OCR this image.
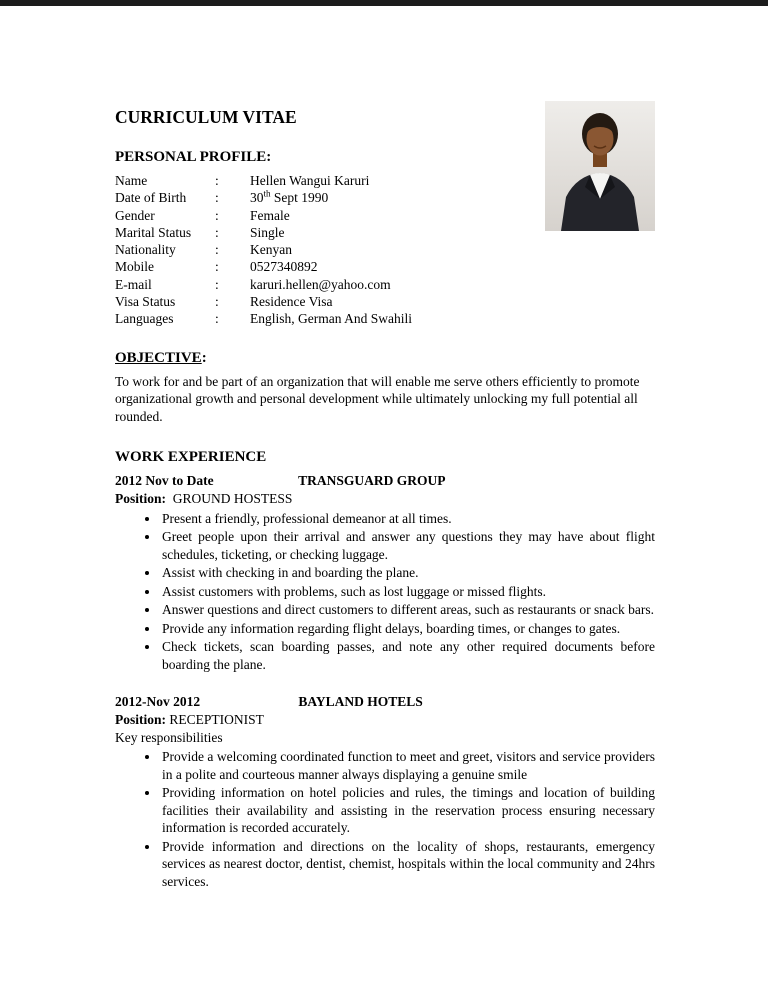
CURRICULUM VITAE
PERSONAL PROFILE:
Name	:	Hellen Wangui Karuri
Date of Birth	:	30th Sept 1990
Gender	:	Female
Marital Status	:	Single
Nationality	:	Kenyan
Mobile	:	0527340892
E-mail	:	karuri.hellen@yahoo.com
Visa Status	:	Residence Visa
Languages	:	English, German And Swahili
OBJECTIVE:

To work for and be part of an organization that will enable me serve others efficiently to promote organizational growth and personal development while ultimately unlocking my full potential all rounded.

WORK EXPERIENCE
2012 Nov to Date	TRANSGUARD GROUP
Position: GROUND HOSTESS
• Present a friendly, professional demeanor at all times.
• Greet people upon their arrival and answer any questions they may have about flight schedules, ticketing, or checking luggage.
• Assist with checking in and boarding the plane.
• Assist customers with problems, such as lost luggage or missed flights.
• Answer questions and direct customers to different areas, such as restaurants or snack bars.
• Provide any information regarding flight delays, boarding times, or changes to gates.
• Check tickets, scan boarding passes, and note any other required documents before boarding the plane.
2012-Nov 2012	BAYLAND HOTELS
Position: RECEPTIONIST
Key responsibilities
• Provide a welcoming coordinated function to meet and greet, visitors and service providers in a polite and courteous manner always displaying a genuine smile
• Providing information on hotel policies and rules, the timings and location of building facilities their availability and assisting in the reservation process ensuring necessary information is recorded accurately.
• Provide information and directions on the locality of shops, restaurants, emergency services as nearest doctor, dentist, chemist, hospitals within the local community and 24hrs services.
